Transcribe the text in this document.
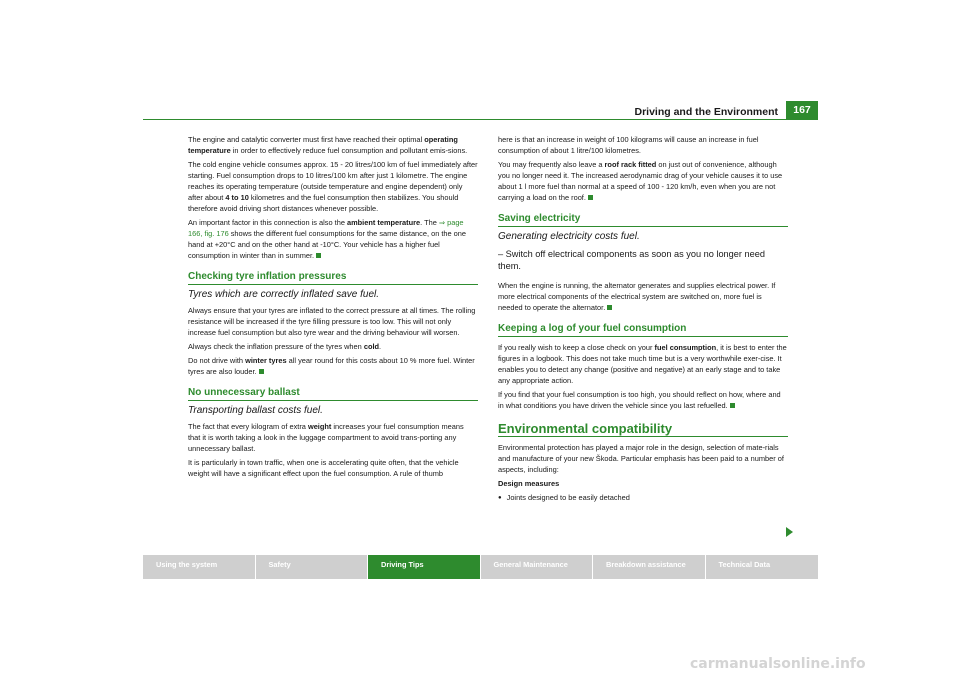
Driving and the Environment	167

The engine and catalytic converter must first have reached their optimal operating temperature in order to effectively reduce fuel consumption and pollutant emis-sions.

The cold engine vehicle consumes approx. 15 - 20 litres/100 km of fuel immediately after starting. Fuel consumption drops to 10 litres/100 km after just 1 kilometre. The engine reaches its operating temperature (outside temperature and engine dependent) only after about 4 to 10 kilometres and the fuel consumption then stabilizes. You should therefore avoid driving short distances whenever possible.

An important factor in this connection is also the ambient temperature. The ⇒ page 166, fig. 176 shows the different fuel consumptions for the same distance, on the one hand at +20°C and on the other hand at -10°C. Your vehicle has a higher fuel consumption in winter than in summer.

Checking tyre inflation pressures
Tyres which are correctly inflated save fuel.

Always ensure that your tyres are inflated to the correct pressure at all times. The rolling resistance will be increased if the tyre filling pressure is too low. This will not only increase fuel consumption but also tyre wear and the driving behaviour will worsen.

Always check the inflation pressure of the tyres when cold.

Do not drive with winter tyres all year round for this costs about 10 % more fuel. Winter tyres are also louder.

No unnecessary ballast
Transporting ballast costs fuel.

The fact that every kilogram of extra weight increases your fuel consumption means that it is worth taking a look in the luggage compartment to avoid trans-porting any unnecessary ballast.

It is particularly in town traffic, when one is accelerating quite often, that the vehicle weight will have a significant effect upon the fuel consumption. A rule of thumb

here is that an increase in weight of 100 kilograms will cause an increase in fuel consumption of about 1 litre/100 kilometres.

You may frequently also leave a roof rack fitted on just out of convenience, although you no longer need it. The increased aerodynamic drag of your vehicle causes it to use about 1 l more fuel than normal at a speed of 100 - 120 km/h, even when you are not carrying a load on the roof.

Saving electricity
Generating electricity costs fuel.
– Switch off electrical components as soon as you no longer need them.

When the engine is running, the alternator generates and supplies electrical power. If more electrical components of the electrical system are switched on, more fuel is needed to operate the alternator.

Keeping a log of your fuel consumption

If you really wish to keep a close check on your fuel consumption, it is best to enter the figures in a logbook. This does not take much time but is a very worthwhile exer-cise. It enables you to detect any change (positive and negative) at an early stage and to take any appropriate action.

If you find that your fuel consumption is too high, you should reflect on how, where and in what conditions you have driven the vehicle since you last refuelled.

Environmental compatibility

Environmental protection has played a major role in the design, selection of mate-rials and manufacture of your new Škoda. Particular emphasis has been paid to a number of aspects, including:

Design measures

● Joints designed to be easily detached

Using the system	Safety	Driving Tips	General Maintenance	Breakdown assistance	Technical Data
carmanualsonline.info
